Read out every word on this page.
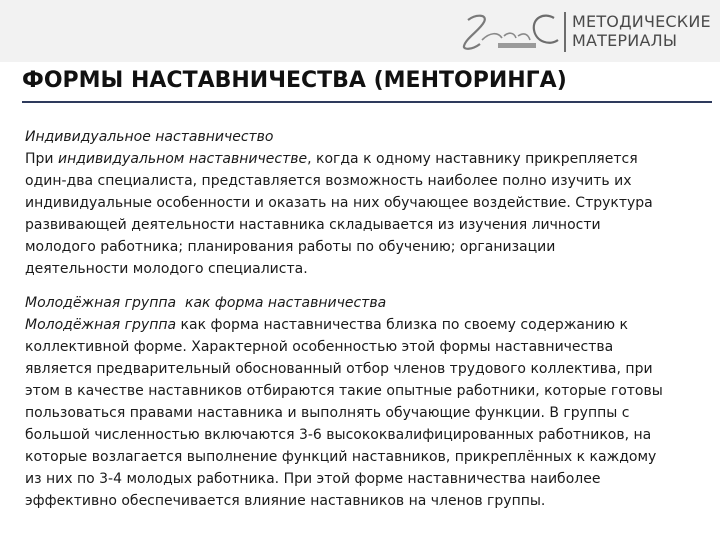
МЕТОДИЧЕСКИЕ
МАТЕРИАЛЫ
ФОРМЫ НАСТАВНИЧЕСТВА (МЕНТОРИНГА)
Индивидуальное наставничество
При индивидуальном наставничестве, когда к одному наставнику прикрепляется
один-два специалиста, представляется возможность наиболее полно изучить их
индивидуальные особенности и оказать на них обучающее воздействие. Структура
развивающей деятельности наставника складывается из изучения личности
молодого работника; планирования работы по обучению; организации
деятельности молодого специалиста.
Молодёжная группа  как форма наставничества
Молодёжная группа как форма наставничества близка по своему содержанию к
коллективной форме. Характерной особенностью этой формы наставничества
является предварительный обоснованный отбор членов трудового коллектива, при
этом в качестве наставников отбираются такие опытные работники, которые готовы
пользоваться правами наставника и выполнять обучающие функции. В группы с
большой численностью включаются 3-6 высококвалифицированных работников, на
которые возлагается выполнение функций наставников, прикреплённых к каждому
из них по 3-4 молодых работника. При этой форме наставничества наиболее
эффективно обеспечивается влияние наставников на членов группы.
